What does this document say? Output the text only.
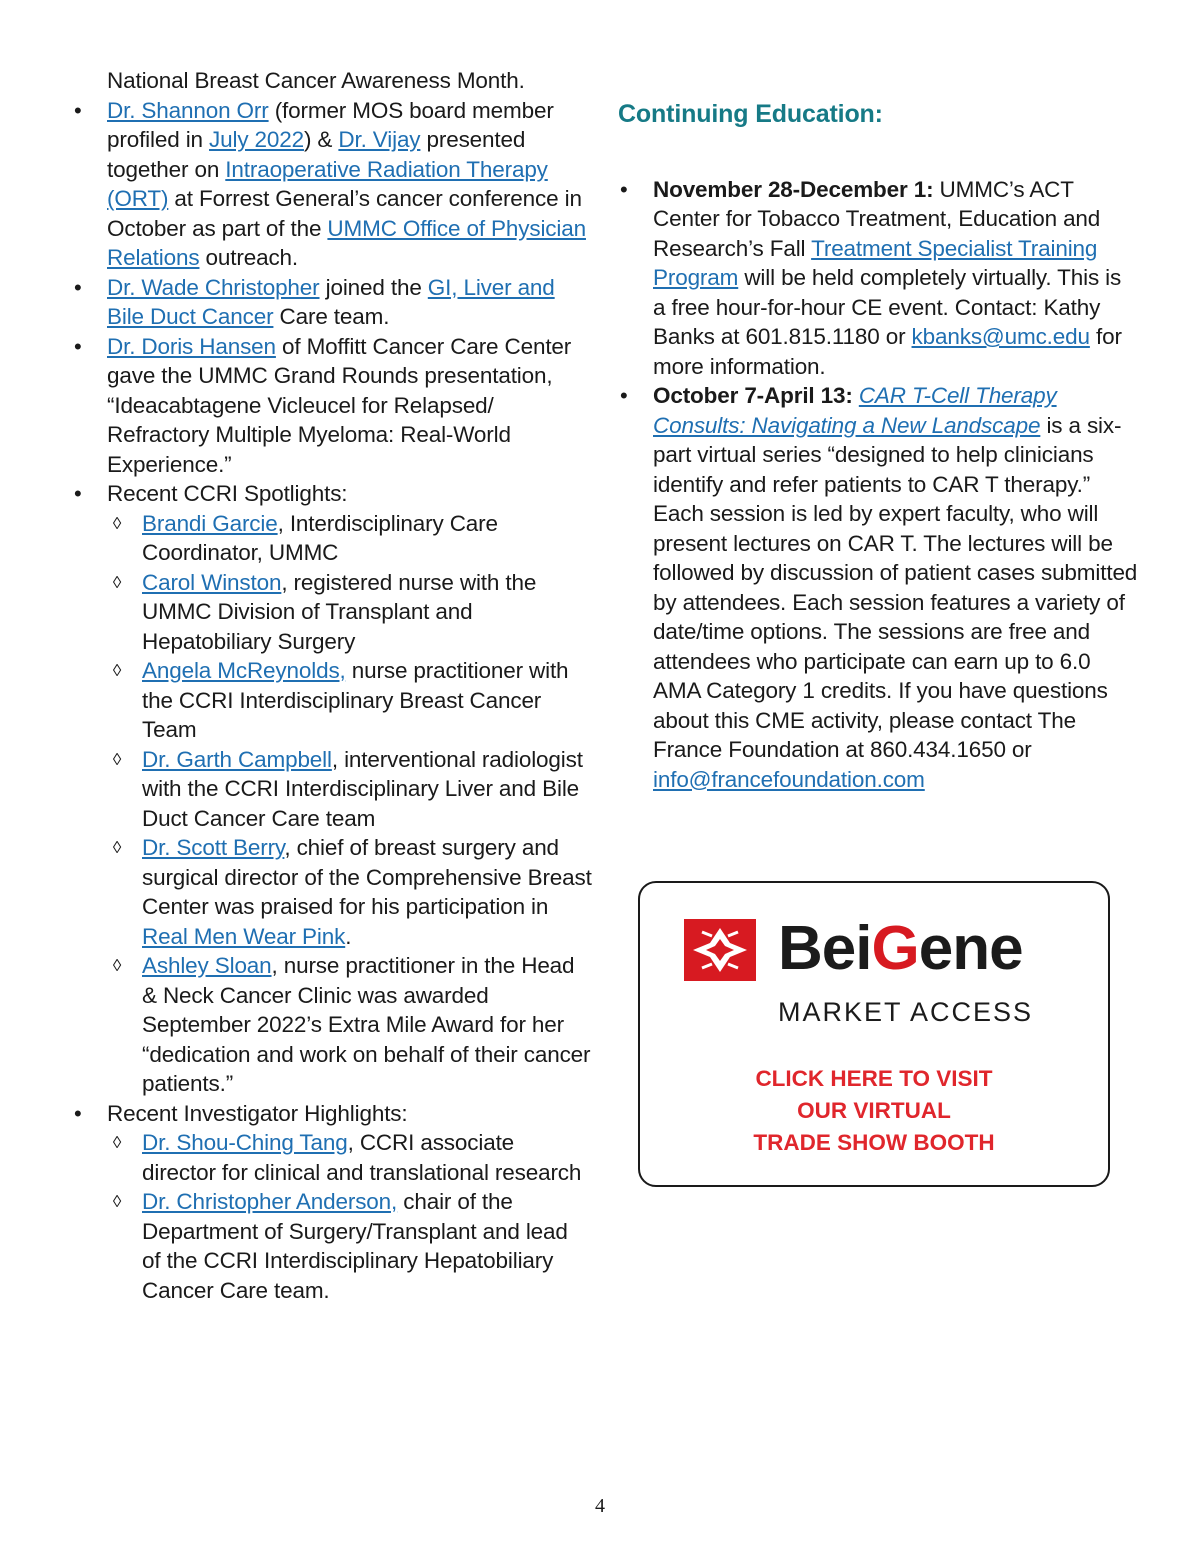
National Breast Cancer Awareness Month.

• Dr. Shannon Orr (former MOS board member profiled in July 2022) & Dr. Vijay presented together on Intraoperative Radiation Therapy (ORT) at Forrest General’s cancer conference in October as part of the UMMC Office of Physician Relations outreach.
• Dr. Wade Christopher joined the GI, Liver and Bile Duct Cancer Care team.
• Dr. Doris Hansen of Moffitt Cancer Care Center gave the UMMC Grand Rounds presentation, “Ideacabtagene Vicleucel for Relapsed/ Refractory Multiple Myeloma: Real-World Experience.”
• Recent CCRI Spotlights:
◊ Brandi Garcie, Interdisciplinary Care Coordinator, UMMC
◊ Carol Winston, registered nurse with the UMMC Division of Transplant and Hepatobiliary Surgery
◊ Angela McReynolds, nurse practitioner with the CCRI Interdisciplinary Breast Cancer Team
◊ Dr. Garth Campbell, interventional radiologist with the CCRI Interdisciplinary Liver and Bile Duct Cancer Care team
◊ Dr. Scott Berry, chief of breast surgery and surgical director of the Comprehensive Breast Center was praised for his participation in Real Men Wear Pink.
◊ Ashley Sloan, nurse practitioner in the Head & Neck Cancer Clinic was awarded September 2022’s Extra Mile Award for her “dedication and work on behalf of their cancer patients.”
• Recent Investigator Highlights:
◊ Dr. Shou-Ching Tang, CCRI associate director for clinical and translational research
◊ Dr. Christopher Anderson, chair of the Department of Surgery/Transplant and lead of the CCRI Interdisciplinary Hepatobiliary Cancer Care team.
Continuing Education:
• November 28-December 1: UMMC’s ACT Center for Tobacco Treatment, Education and Research’s Fall Treatment Specialist Training Program will be held completely virtually. This is a free hour-for-hour CE event. Contact: Kathy Banks at 601.815.1180 or kbanks@umc.edu for more information.
• October 7-April 13: CAR T-Cell Therapy Consults: Navigating a New Landscape is a six-part virtual series “designed to help clinicians identify and refer patients to CAR T therapy.” Each session is led by expert faculty, who will present lectures on CAR T. The lectures will be followed by discussion of patient cases submitted by attendees. Each session features a variety of date/time options. The sessions are free and attendees who participate can earn up to 6.0 AMA Category 1 credits. If you have questions about this CME activity, please contact The France Foundation at 860.434.1650 or info@francefoundation.com
BeiGene
MARKET ACCESS
CLICK HERE TO VISIT
OUR VIRTUAL
TRADE SHOW BOOTH
4
